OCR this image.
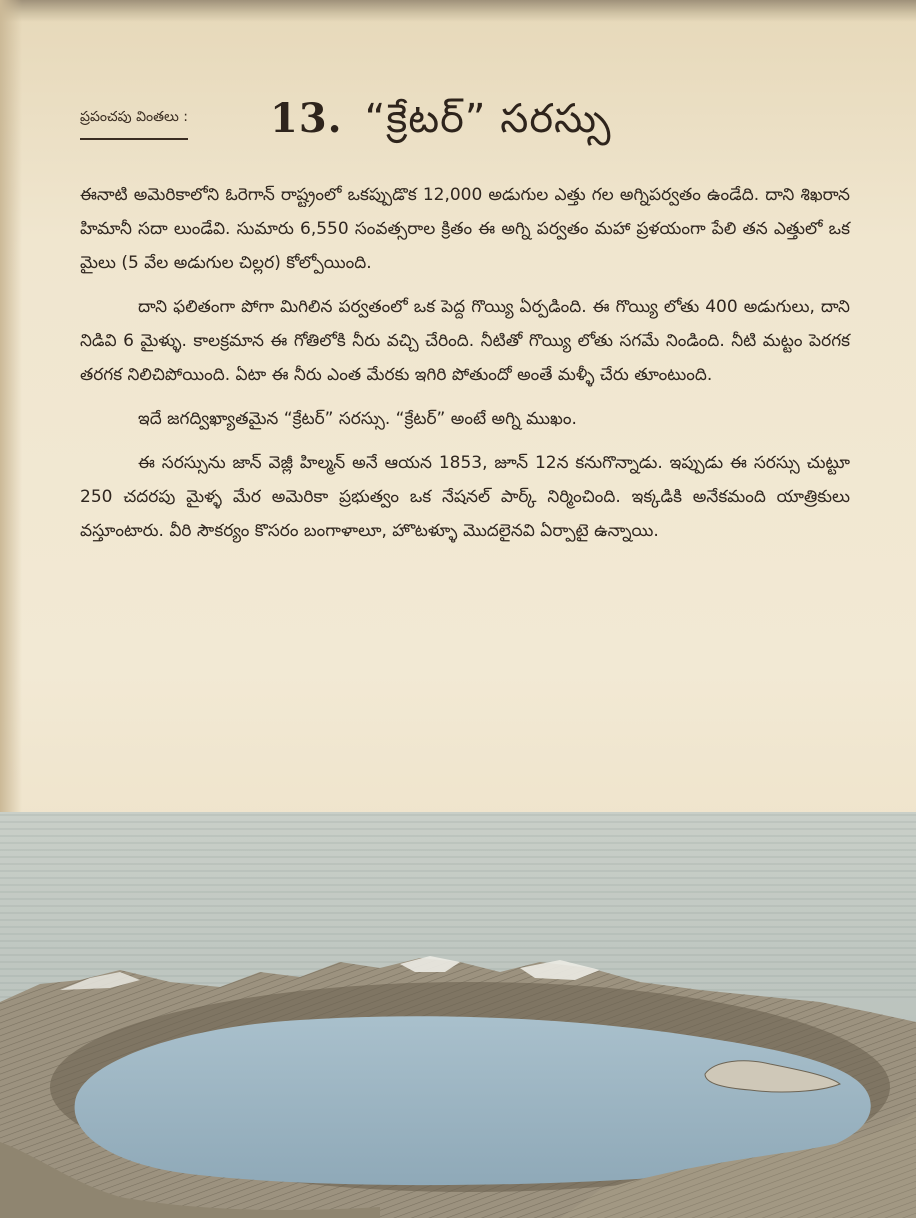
ప్రపంచపు వింతలు : 13. “క్రేటర్” సరస్సు

ఈనాటి అమెరికాలోని ఓరెగాన్ రాష్ట్రంలో ఒకప్పుడొక 12,000 అడుగుల ఎత్తు గల అగ్నిపర్వతం ఉండేది. దాని శిఖరాన హిమానీ సదా లుండేవి. సుమారు 6,550 సంవత్సరాల క్రితం ఈ అగ్ని పర్వతం మహా ప్రళయంగా పేలి తన ఎత్తులో ఒక మైలు (5 వేల అడుగుల చిల్లర) కోల్పోయింది.

దాని ఫలితంగా పోగా మిగిలిన పర్వతంలో ఒక పెద్ద గొయ్యి ఏర్పడింది. ఈ గొయ్యి లోతు 400 అడుగులు, దాని నిడివి 6 మైళ్ళు. కాలక్రమాన ఈ గోతిలోకి నీరు వచ్చి చేరింది. నీటితో గొయ్యి లోతు సగమే నిండింది. నీటి మట్టం పెరగక తరగక నిలిచిపోయింది. ఏటా ఈ నీరు ఎంత మేరకు ఇగిరి పోతుందో అంతే మళ్ళీ చేరు తూంటుంది.

ఇదే జగద్విఖ్యాతమైన “క్రేటర్” సరస్సు. “క్రేటర్” అంటే అగ్ని ముఖం.

ఈ సరస్సును జాన్ వెజ్లీ హిల్మన్ అనే ఆయన 1853, జూన్ 12న కనుగొన్నాడు. ఇప్పుడు ఈ సరస్సు చుట్టూ 250 చదరపు మైళ్ళ మేర అమెరికా ప్రభుత్వం ఒక నేషనల్ పార్క్ నిర్మించింది. ఇక్కడికి అనేకమంది యాత్రికులు వస్తూంటారు. వీరి సౌకర్యం కొసరం బంగాళాలూ, హొటళ్ళూ మొదలైనవి ఏర్పాటై ఉన్నాయి.
